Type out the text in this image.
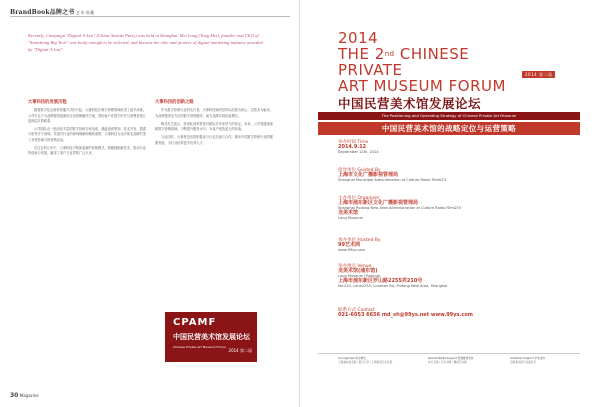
BrandBook品牌之书 艺术·收藏
Recently, Campaign "Digital A-List" (China Awards Party) was held in Shanghai. Mei Long (Tong Mei), founder and CEO of "Something Big Tech" was lucky enough to be selected, and became the elite and pioneer of digital marketing industry awarded by "Digital A-List".
大事科技的发展历程

随着数字化及新型传播方式的兴起，大事科技在数字营销领域取得了诸多成就。公司专注于为品牌提供创新的互动营销解决方案，帮助客户在数字时代与消费者建立更深层次的联系。

公司团队由一批经验丰富的数字营销专家组成，涵盖创意策划、技术开发、数据分析等多个领域。凭借对行业的深刻理解和敏锐洞察，大事科技为众多知名品牌打造了具有影响力的营销活动。

在过去的几年中，大事科技不断探索新的营销模式，积极拥抱新技术，推动行业的创新与发展，赢得了客户与业界的广泛认可。

大事科技的创新之路

作为数字营销行业的先行者，大事科技始终坚持以创意为核心、以技术为驱动，为品牌提供全方位的数字营销服务，助力品牌实现价值增长。

梅龙先生表示，获得此项荣誉是对团队多年来努力的肯定。未来，公司将继续深耕数字营销领域，不断提升服务水平，为客户创造更大的价值。

与此同时，大事科技也将积极参与行业交流与合作，推动中国数字营销行业的健康发展，为行业培养更多优秀人才。

CPAMF
中国民营美术馆发展论坛
Chinese Private Art Museum Forum
2014 第二届
30 Magazine
2014
THE 2nd CHINESE
PRIVATE
ART MUSEUM FORUM
2014 第二届
中国民营美术馆发展论坛
The Positioning and Operating Strategy of Chinese Private Art Museum
中国民营美术馆的战略定位与运营策略
举办时间 Time
2014.9.12
September 12th, 2014
指导单位 Guided By
上海市文化广播影视管理局
Shanghai Municipal Administration of Culture Radio Film&TV
主办单位 Organizer
上海市浦东新区文化广播影视管理局
Shanghai Pudong New Area Administration of Culture Radio Film&TV
龙美术馆
Long Museum
承办单位 Hosted By
99艺术网
www.99ys.com
举办地点 Venue
龙美术馆(浦东馆)
Long Museum (Pudong)
上海市浦东新区罗山路2255弄210号
No.210, Lane2255, Luoshan Rd, Pudong New Area, Shanghai
联系方式 Contact
021-6053 6656 md_sh@99ys.net www.99ys.com
Co-organizer 协办单位
上海浦东美术馆 / 复旦大学 / 上海视觉艺术学院
Special Media Support 特别媒体支持
东方卫视 / 艺术中国 / 雅昌艺术网
Academic Support 学术支持
全国美术馆专业委员会
